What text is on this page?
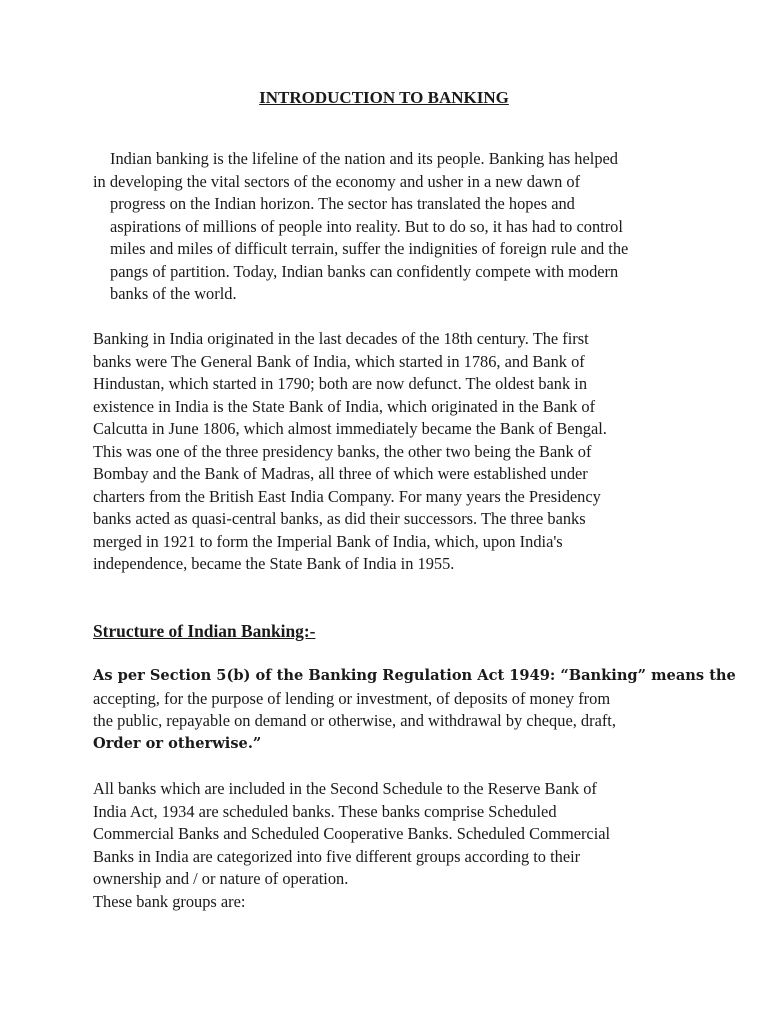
INTRODUCTION TO BANKING

Indian banking is the lifeline of the nation and its people. Banking has helped
in developing the vital sectors of the economy and usher in a new dawn of
progress on the Indian horizon. The sector has translated the hopes and
aspirations of millions of people into reality. But to do so, it has had to control
miles and miles of difficult terrain, suffer the indignities of foreign rule and the
pangs of partition. Today, Indian banks can confidently compete with modern
banks of the world.

Banking in India originated in the last decades of the 18th century. The first
banks were The General Bank of India, which started in 1786, and Bank of
Hindustan, which started in 1790; both are now defunct. The oldest bank in
existence in India is the State Bank of India, which originated in the Bank of
Calcutta in June 1806, which almost immediately became the Bank of Bengal.
This was one of the three presidency banks, the other two being the Bank of
Bombay and the Bank of Madras, all three of which were established under
charters from the British East India Company. For many years the Presidency
banks acted as quasi-central banks, as did their successors. The three banks
merged in 1921 to form the Imperial Bank of India, which, upon India's
independence, became the State Bank of India in 1955.

Structure of Indian Banking:-

As per Section 5(b) of the Banking Regulation Act 1949: “Banking” means the
accepting, for the purpose of lending or investment, of deposits of money from
the public, repayable on demand or otherwise, and withdrawal by cheque, draft,
Order or otherwise.”

All banks which are included in the Second Schedule to the Reserve Bank of
India Act, 1934 are scheduled banks. These banks comprise Scheduled
Commercial Banks and Scheduled Cooperative Banks. Scheduled Commercial
Banks in India are categorized into five different groups according to their
ownership and / or nature of operation.
These bank groups are:
